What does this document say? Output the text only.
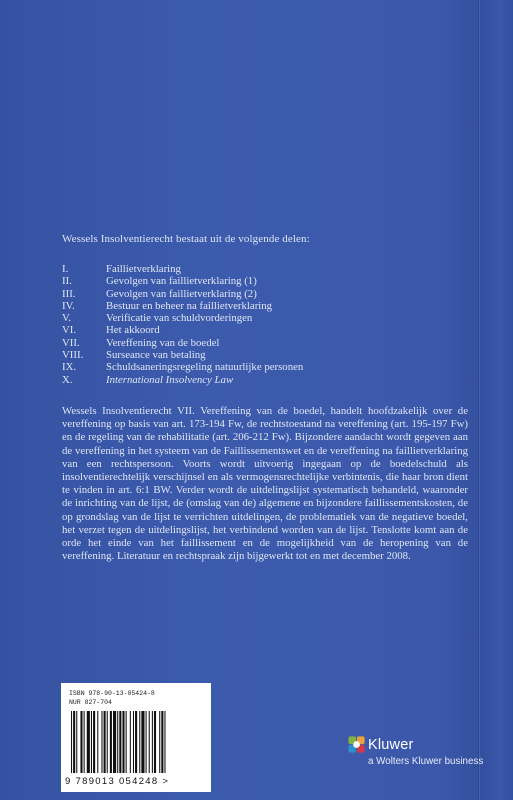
Wessels Insolventierecht bestaat uit de volgende delen:
I.	Faillietverklaring
II.	Gevolgen van faillietverklaring (1)
III.	Gevolgen van faillietverklaring (2)
IV.	Bestuur en beheer na faillietverklaring
V.	Verificatie van schuldvorderingen
VI.	Het akkoord
VII.	Vereffening van de boedel
VIII.	Surseance van betaling
IX.	Schuldsaneringsregeling natuurlijke personen
X.	International Insolvency Law
Wessels Insolventierecht VII. Vereffening van de boedel, handelt hoofdzakelijk over de vereffening op basis van art. 173-194 Fw, de rechtstoestand na vereffening (art. 195-197 Fw) en de regeling van de rehabilitatie (art. 206-212 Fw). Bijzondere aandacht wordt gegeven aan de vereffening in het systeem van de Faillissementswet en de vereffening na faillietverklaring van een rechtspersoon. Voorts wordt uitvoerig ingegaan op de boedelschuld als insolventierechtelijk verschijnsel en als vermogensrechtelijke verbintenis, die haar bron dient te vinden in art. 6:1 BW. Verder wordt de uitdelingslijst systematisch behandeld, waaronder de inrichting van de lijst, de (omslag van de) algemene en bijzondere faillissementskosten, de op grondslag van de lijst te verrichten uitdelingen, de problematiek van de negatieve boedel, het verzet tegen de uitdelingslijst, het verbindend worden van de lijst. Tenslotte komt aan de orde het einde van het faillissement en de mogelijkheid van de heropening van de vereffening. Literatuur en rechtspraak zijn bijgewerkt tot en met december 2008.
ISBN 978-90-13-05424-8
NUR 827-704
9 789013 054248 >
Kluwer
a Wolters Kluwer business
